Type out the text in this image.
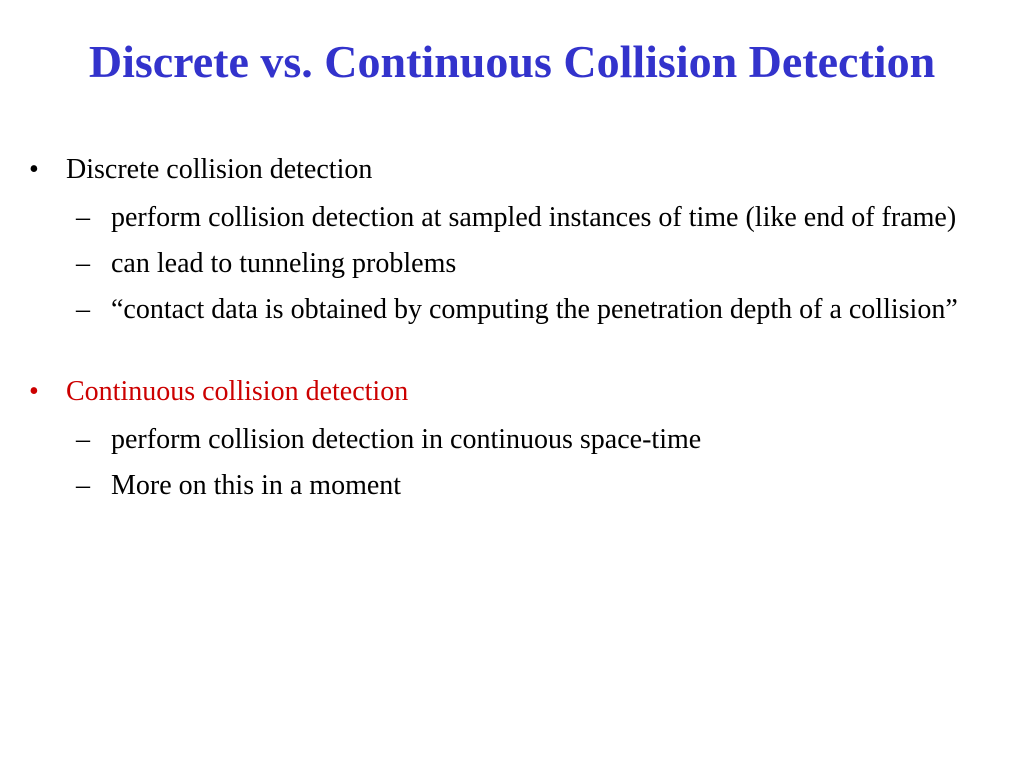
Discrete vs. Continuous Collision Detection
• Discrete collision detection
– perform collision detection at sampled instances of time (like end of frame)
– can lead to tunneling problems
– “contact data is obtained by computing the penetration depth of a collision”
• Continuous collision detection
– perform collision detection in continuous space-time
– More on this in a moment
